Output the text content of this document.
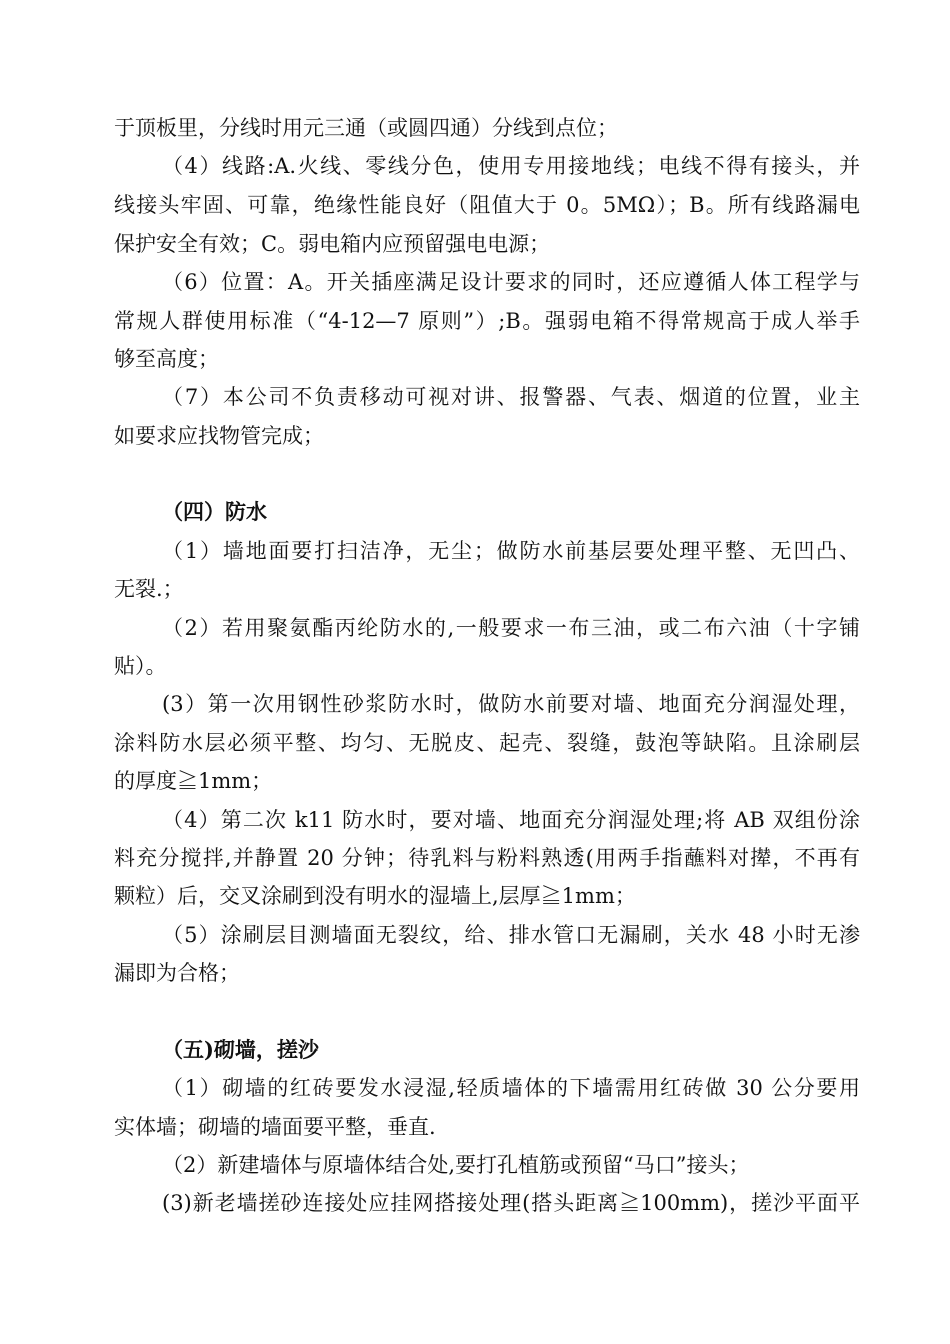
于顶板里，分线时用元三通（或圆四通）分线到点位；
（4）线路:A.火线、零线分色，使用专用接地线；电线不得有接头，并
线接头牢固、可靠，绝缘性能良好（阻值大于 0。5MΩ）；B。所有线路漏电
保护安全有效；C。弱电箱内应预留强电电源；
（6）位置：A。开关插座满足设计要求的同时，还应遵循人体工程学与
常规人群使用标准（“4-12—7 原则”）;B。强弱电箱不得常规高于成人举手
够至高度；
（7）本公司不负责移动可视对讲、报警器、气表、烟道的位置，业主
如要求应找物管完成；
（四）防水
（1）墙地面要打扫洁净，无尘；做防水前基层要处理平整、无凹凸、
无裂.；
（2）若用聚氨酯丙纶防水的,一般要求一布三油，或二布六油（十字铺
贴）。
(3）第一次用钢性砂浆防水时，做防水前要对墙、地面充分润湿处理，
涂料防水层必须平整、均匀、无脱皮、起壳、裂缝，鼓泡等缺陷。且涂刷层
的厚度≧1mm；
（4）第二次 k11 防水时，要对墙、地面充分润湿处理;将 AB 双组份涂
料充分搅拌,并静置 20 分钟；待乳料与粉料熟透(用两手指蘸料对撵，不再有
颗粒）后，交叉涂刷到没有明水的湿墙上,层厚≧1mm；
（5）涂刷层目测墙面无裂纹，给、排水管口无漏刷，关水 48 小时无渗
漏即为合格；
（五)砌墙，搓沙
（1）砌墙的红砖要发水浸湿,轻质墙体的下墙需用红砖做 30 公分要用
实体墙；砌墙的墙面要平整，垂直.
（2）新建墙体与原墙体结合处,要打孔植筋或预留“马口”接头；
(3)新老墙搓砂连接处应挂网搭接处理(搭头距离≧100mm)，搓沙平面平
